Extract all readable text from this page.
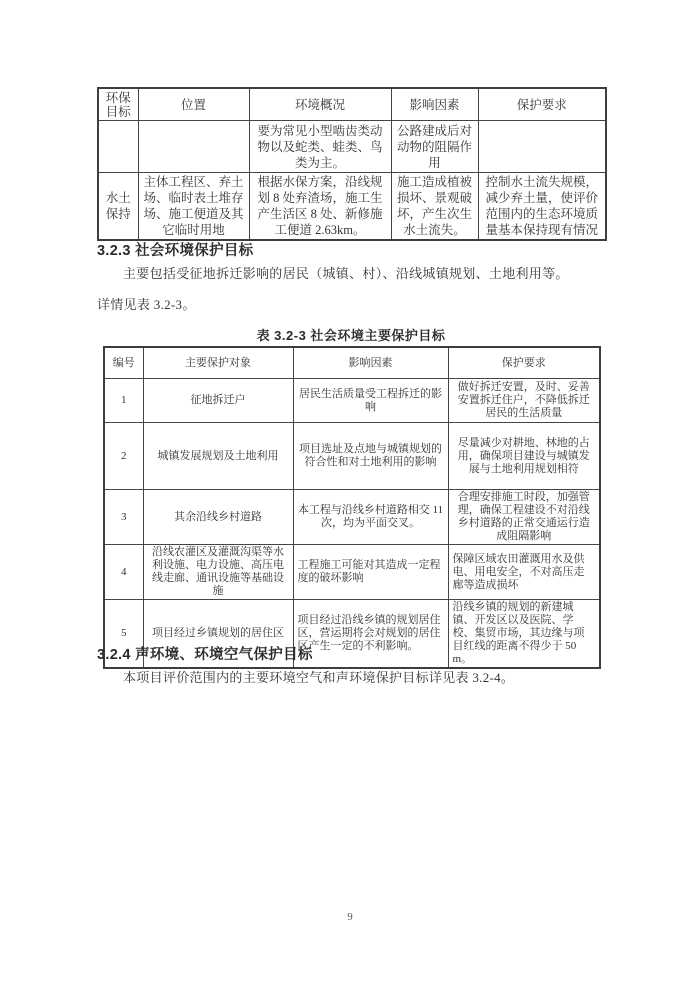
环保目标	位置	环境概况	影响因素	保护要求
		要为常见小型啮齿类动物以及蛇类、蛙类、鸟类为主。	公路建成后对动物的阻隔作用	
水土保持	主体工程区、弃土场、临时表土堆存场、施工便道及其它临时用地	根据水保方案，沿线规划 8 处弃渣场，施工生产生活区 8 处、新修施工便道 2.63km。	施工造成植被损坏、景观破坏，产生次生水土流失。	控制水土流失规模，减少弃土量，使评价范围内的生态环境质量基本保持现有情况
3.2.3 社会环境保护目标
主要包括受征地拆迁影响的居民（城镇、村）、沿线城镇规划、土地利用等。
详情见表 3.2-3。
表 3.2-3 社会环境主要保护目标
编号	主要保护对象	影响因素	保护要求
1	征地拆迁户	居民生活质量受工程拆迁的影响	做好拆迁安置，及时、妥善安置拆迁住户，不降低拆迁居民的生活质量
2	城镇发展规划及土地利用	项目选址及点地与城镇规划的符合性和对土地利用的影响	尽量减少对耕地、林地的占用，确保项目建设与城镇发展与土地利用规划相符
3	其余沿线乡村道路	本工程与沿线乡村道路相交 11 次，均为平面交叉。	合理安排施工时段，加强管理，确保工程建设不对沿线乡村道路的正常交通运行造成阻隔影响
4	沿线农灌区及灌溉沟渠等水利设施、电力设施、高压电线走廊、通讯设施等基础设施	工程施工可能对其造成一定程度的破坏影响	保障区域农田灌溉用水及供电、用电安全，不对高压走廊等造成损坏
5	项目经过乡镇规划的居住区	项目经过沿线乡镇的规划居住区，营运期将会对规划的居住区产生一定的不利影响。	沿线乡镇的规划的新建城镇、开发区以及医院、学校、集贸市场，其边缘与项目红线的距离不得少于 50m。
3.2.4 声环境、环境空气保护目标
本项目评价范围内的主要环境空气和声环境保护目标详见表 3.2-4。
9
